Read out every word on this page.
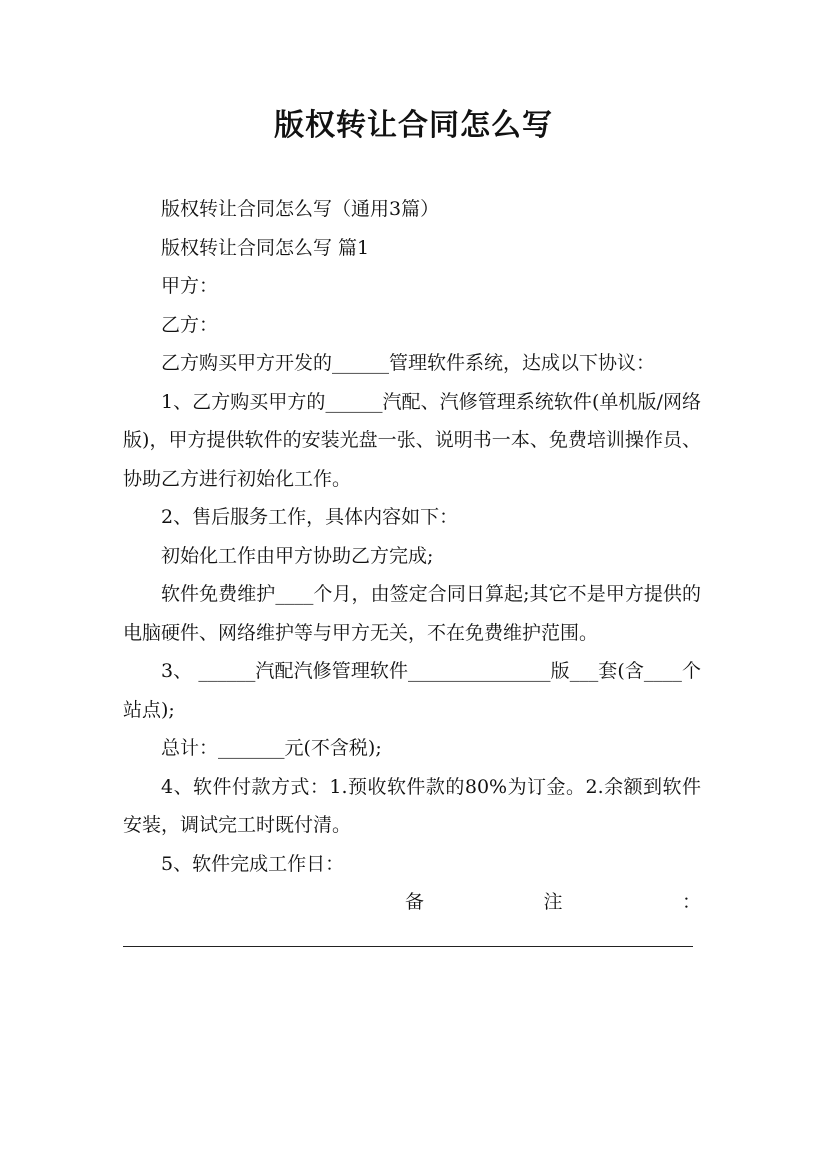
版权转让合同怎么写

版权转让合同怎么写（通用3篇）

版权转让合同怎么写 篇1

甲方：

乙方：

乙方购买甲方开发的______管理软件系统，达成以下协议：

1、乙方购买甲方的______汽配、汽修管理系统软件(单机版/网络版)，甲方提供软件的安装光盘一张、说明书一本、免费培训操作员、协助乙方进行初始化工作。

2、售后服务工作，具体内容如下：

初始化工作由甲方协助乙方完成;

软件免费维护____个月，由签定合同日算起;其它不是甲方提供的电脑硬件、网络维护等与甲方无关，不在免费维护范围。

3、 ______汽配汽修管理软件_______________版___套(含____个站点);

总计：_______元(不含税);

4、软件付款方式：1.预收软件款的80%为订金。2.余额到软件安装，调试完工时既付清。

5、软件完成工作日：

备	注	：
